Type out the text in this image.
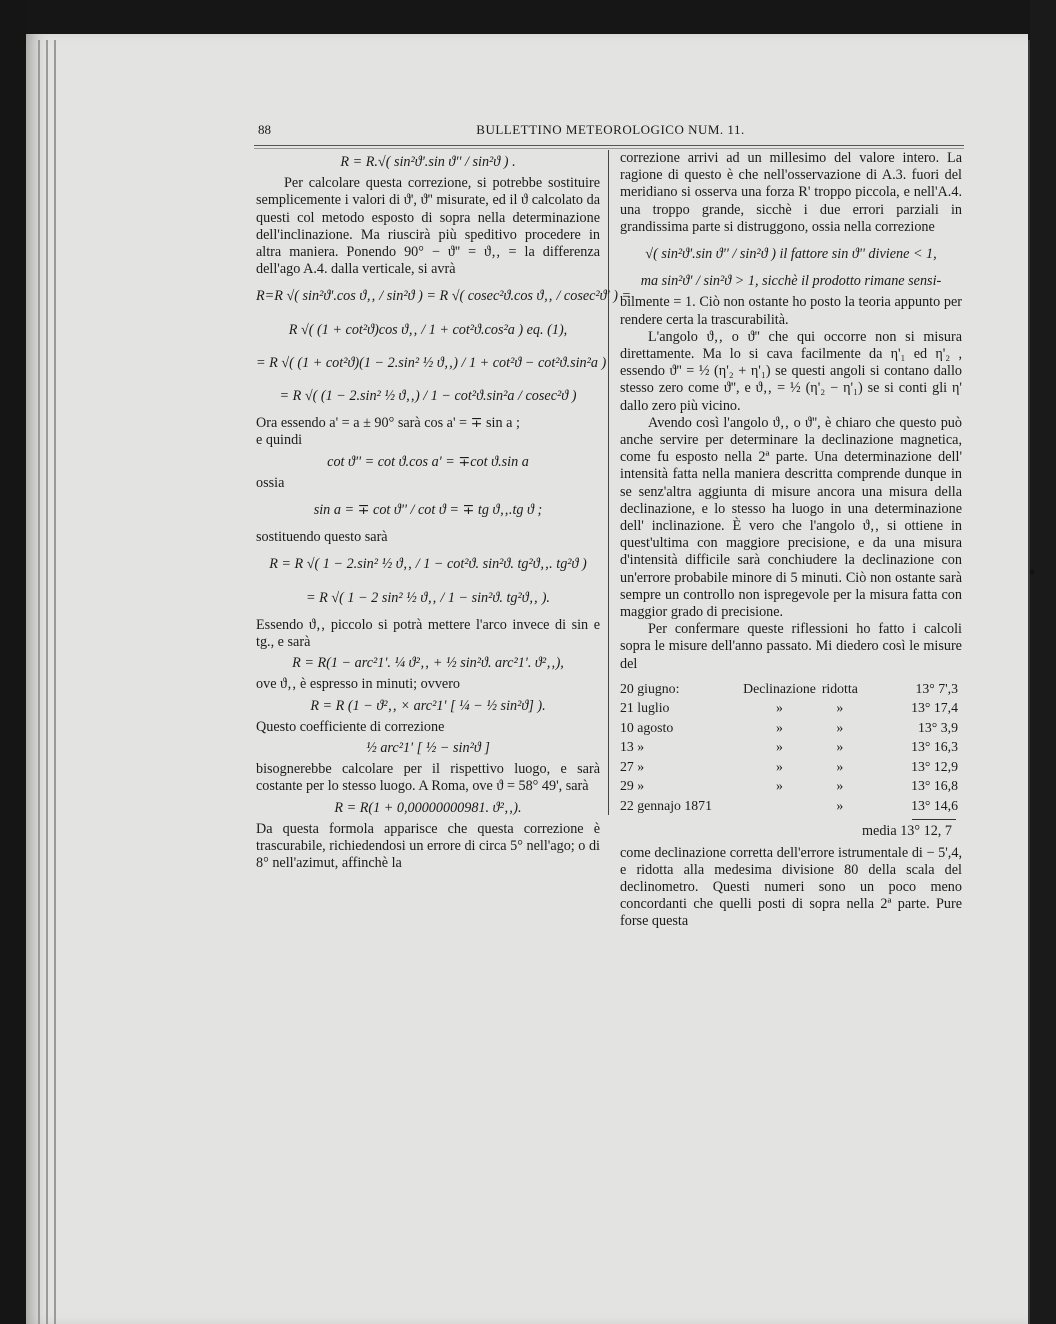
88	BULLETTINO METEOROLOGICO NUM. 11.
R = R.√( sin²ϑ'.sin ϑ'' / sin²ϑ ) .

Per calcolare questa correzione, si potrebbe sostituire semplicemente i valori di ϑ', ϑ'' misurate, ed il ϑ calcolato da questi col metodo esposto di sopra nella determinazione dell'inclinazione. Ma riuscirà più speditivo procedere in altra maniera. Ponendo 90° − ϑ'' = ϑ‚‚ = la differenza dell'ago A.4. dalla verticale, si avrà

R=R √( sin²ϑ'.cos ϑ‚‚ / sin²ϑ ) = R √( cosec²ϑ.cos ϑ‚‚ / cosec²ϑ' ) =
R √( (1 + cot²ϑ)cos ϑ‚‚ / 1 + cot²ϑ.cos²a ) eq. (1),
= R √( (1 + cot²ϑ)(1 − 2.sin² ½ ϑ‚‚) / 1 + cot²ϑ − cot²ϑ.sin²a )
= R √( (1 − 2.sin² ½ ϑ‚‚) / 1 − cot²ϑ.sin²a / cosec²ϑ )

Ora essendo a' = a ± 90° sarà cos a' = ∓ sin a ;

e quindi

cot ϑ'' = cot ϑ.cos a' = ∓cot ϑ.sin a

ossia

sin a = ∓ cot ϑ'' / cot ϑ = ∓ tg ϑ‚‚.tg ϑ ;

sostituendo questo sarà

R = R √( 1 − 2.sin² ½ ϑ‚‚ / 1 − cot²ϑ. sin²ϑ. tg²ϑ‚‚. tg²ϑ )
= R √( 1 − 2 sin² ½ ϑ‚‚ / 1 − sin²ϑ. tg²ϑ‚‚ ).

Essendo ϑ‚‚ piccolo si potrà mettere l'arco invece di sin e tg., e sarà

R = R(1 − arc²1'. ¼ ϑ²‚‚ + ½ sin²ϑ. arc²1'. ϑ²‚‚),

ove ϑ‚‚ è espresso in minuti; ovvero

R = R (1 − ϑ²‚‚ × arc²1' [ ¼ − ½ sin²ϑ] ).

Questo coefficiente di correzione

½ arc²1' [ ½ − sin²ϑ ]

bisognerebbe calcolare per il rispettivo luogo, e sarà costante per lo stesso luogo. A Roma, ove ϑ = 58° 49', sarà

R = R(1 + 0,00000000981. ϑ²‚‚).

Da questa formola apparisce che questa correzione è trascurabile, richiedendosi un errore di circa 5° nell'ago; o di 8° nell'azimut, affinchè la

correzione arrivi ad un millesimo del valore intero. La ragione di questo è che nell'osservazione di A.3. fuori del meridiano si osserva una forza R' troppo piccola, e nell'A.4. una troppo grande, sicchè i due errori parziali in grandissima parte si distruggono, ossia nella correzione

√( sin²ϑ'.sin ϑ'' / sin²ϑ ) il fattore sin ϑ'' diviene < 1,
ma sin²ϑ' / sin²ϑ > 1, sicchè il prodotto rimane sensi-

bilmente = 1. Ciò non ostante ho posto la teoria appunto per rendere certa la trascurabilità.

L'angolo ϑ‚‚ o ϑ'' che qui occorre non si misura direttamente. Ma lo si cava facilmente da η'₁ ed η'₂ , essendo ϑ'' = ½ (η'₂ + η'₁) se questi angoli si contano dallo stesso zero come ϑ'', e ϑ‚‚ = ½ (η'₂ − η'₁) se si conti gli η' dallo zero più vicino.

Avendo così l'angolo ϑ‚‚ o ϑ'', è chiaro che questo può anche servire per determinare la declinazione magnetica, come fu esposto nella 2ª parte. Una determinazione dell' intensità fatta nella maniera descritta comprende dunque in se senz'altra aggiunta di misure ancora una misura della declinazione, e lo stesso ha luogo in una determinazione dell' inclinazione. È vero che l'angolo ϑ‚‚ si ottiene in quest'ultima con maggiore precisione, e da una misura d'intensità difficile sarà conchiudere la declinazione con un'errore probabile minore di 5 minuti. Ciò non ostante sarà sempre un controllo non ispregevole per la misura fatta con maggior grado di precisione.

Per confermare queste riflessioni ho fatto i calcoli sopra le misure dell'anno passato. Mi diedero così le misure del

20 giugno:	Declinazione	ridotta	13° 7',3
21 luglio	»	»	13° 17,4
10 agosto	»	»	13° 3,9
13 »	»	»	13° 16,3
27 »	»	»	13° 12,9
29 »	»	»	13° 16,8
22 gennajo 1871		»	13° 14,6
media 13° 12, 7

come declinazione corretta dell'errore istrumentale di − 5',4, e ridotta alla medesima divisione 80 della scala del declinometro. Questi numeri sono un poco meno concordanti che quelli posti di sopra nella 2ª parte. Pure forse questa
